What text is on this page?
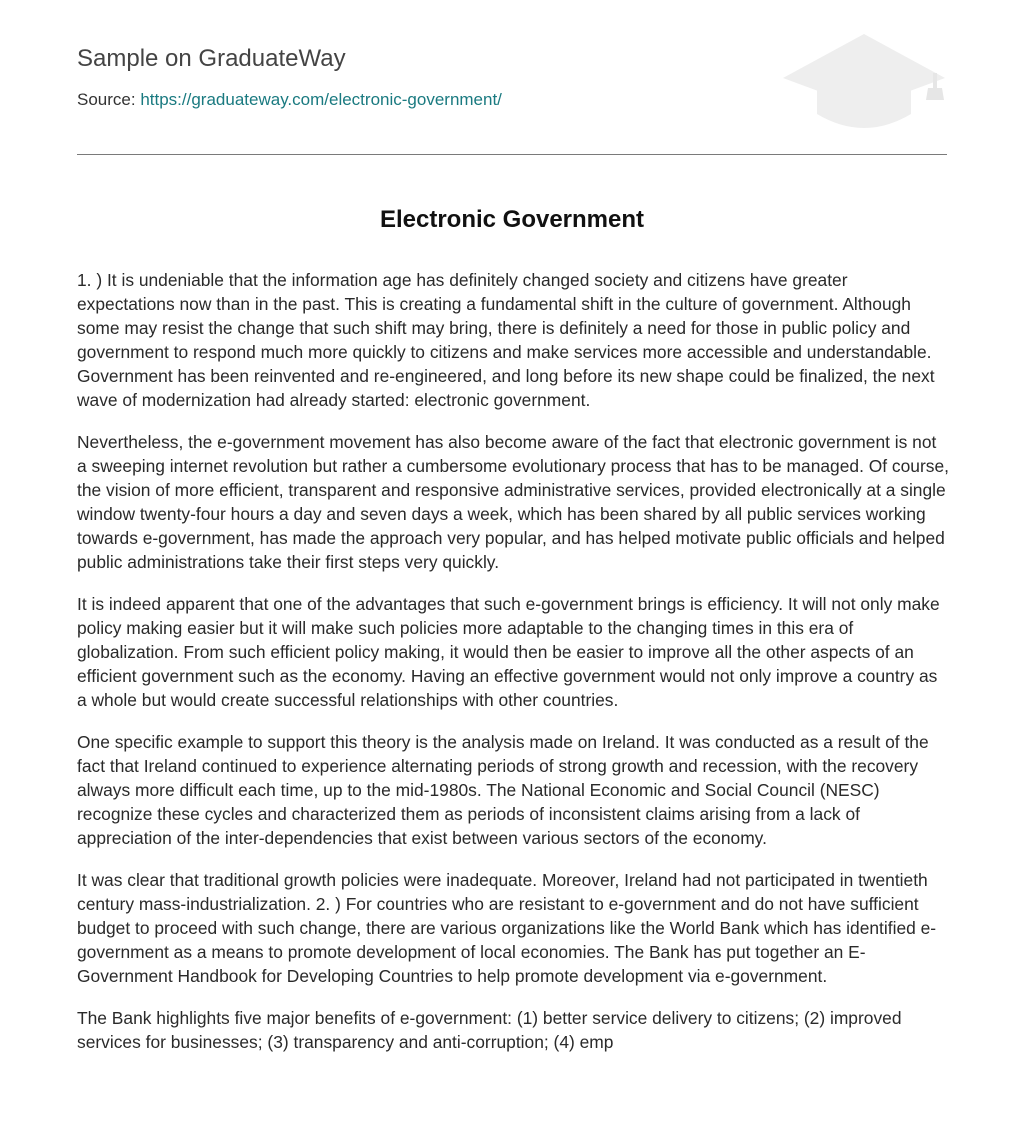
Sample on GraduateWay
Source: https://graduateway.com/electronic-government/
Electronic Government

1. ) It is undeniable that the information age has definitely changed society and citizens have greater expectations now than in the past. This is creating a fundamental shift in the culture of government. Although some may resist the change that such shift may bring, there is definitely a need for those in public policy and government to respond much more quickly to citizens and make services more accessible and understandable. Government has been reinvented and re-engineered, and long before its new shape could be finalized, the next wave of modernization had already started: electronic government.

Nevertheless, the e-government movement has also become aware of the fact that electronic government is not a sweeping internet revolution but rather a cumbersome evolutionary process that has to be managed. Of course, the vision of more efficient, transparent and responsive administrative services, provided electronically at a single window twenty-four hours a day and seven days a week, which has been shared by all public services working towards e-government, has made the approach very popular, and has helped motivate public officials and helped public administrations take their first steps very quickly.

It is indeed apparent that one of the advantages that such e-government brings is efficiency. It will not only make policy making easier but it will make such policies more adaptable to the changing times in this era of globalization. From such efficient policy making, it would then be easier to improve all the other aspects of an efficient government such as the economy. Having an effective government would not only improve a country as a whole but would create successful relationships with other countries.

One specific example to support this theory is the analysis made on Ireland. It was conducted as a result of the fact that Ireland continued to experience alternating periods of strong growth and recession, with the recovery always more difficult each time, up to the mid-1980s. The National Economic and Social Council (NESC) recognize these cycles and characterized them as periods of inconsistent claims arising from a lack of appreciation of the inter-dependencies that exist between various sectors of the economy.

It was clear that traditional growth policies were inadequate. Moreover, Ireland had not participated in twentieth century mass-industrialization. 2. ) For countries who are resistant to e-government and do not have sufficient budget to proceed with such change, there are various organizations like the World Bank which has identified e-government as a means to promote development of local economies. The Bank has put together an E-Government Handbook for Developing Countries to help promote development via e-government.

The Bank highlights five major benefits of e-government: (1) better service delivery to citizens; (2) improved services for businesses; (3) transparency and anti-corruption; (4) emp
